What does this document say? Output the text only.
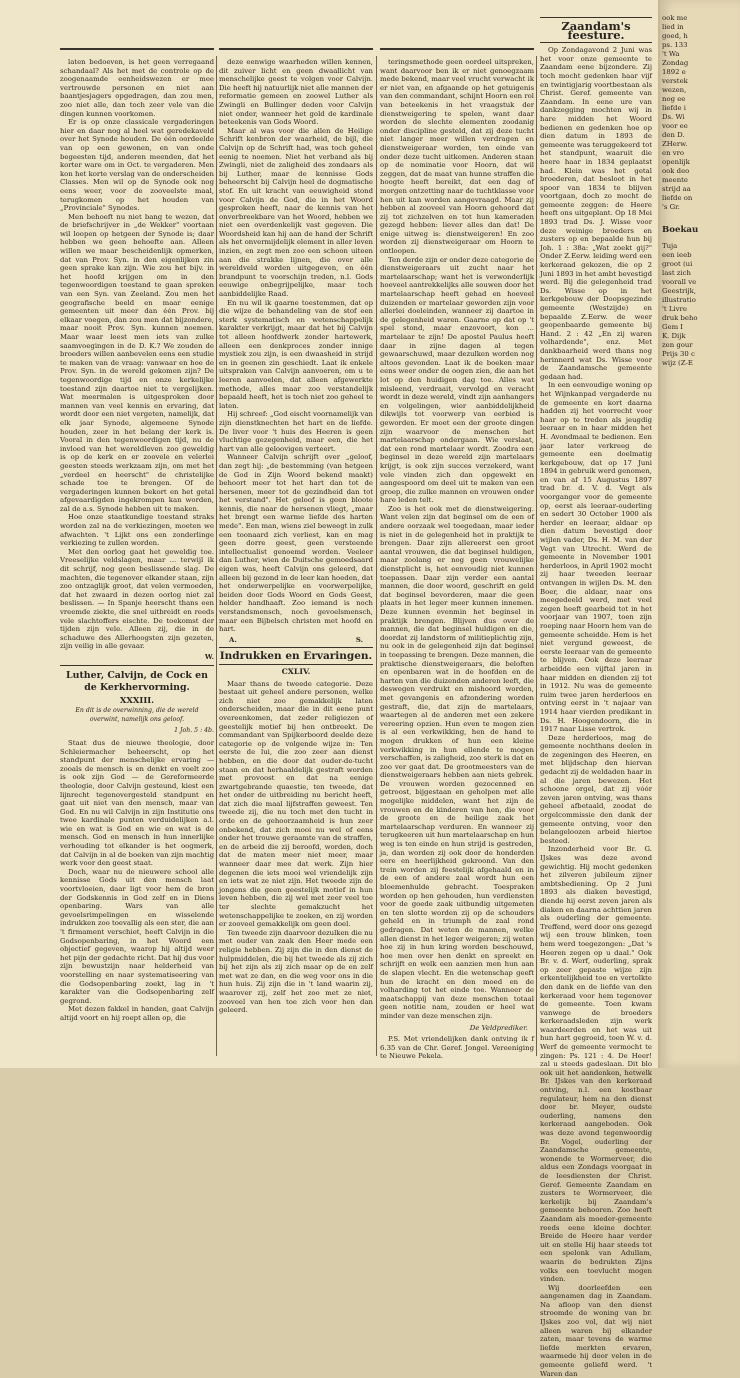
laten bedoeven, is het geen verregaand schandaal? Als het met de controle op de zoogenaamde eenheidswezen er mee vertrouwde personen en niet aan baantjesjagers opgedragen, dan zou men, zoo niet alle, dan toch zeer vele van die dingen kunnen voorkomen.

Er is op onze classicale vergaderingen hier en daar nog al heel wat geredekaveld over het Synode houden. De één oordeelde van op een gewonen, en van onde begeesten tijd, anderen meenden, dat het korter ware om in Oct. te vergaderen. Men kon het korte verslag van de onderscheiden Classes. Men wil op de Synode ook nog eens weer, voor de zooveelste maal, terugkomen op het houden van „Provinciale" Synodes.

Men behoeft nu niet bang te wezen, dat de briefschrijver in „de Wekker" voortaan wil loopen op hetgeen der Synode is; daar hebben we geen behoefte aan. Alleen willen we maar bescheidenlijk opmerken, dat van Prov. Syn. in den eigenlijken zin geen sprake kan zijn. Wie zou het bijv. in het hoofd krijgen om in den tegenwoordigen toestand te gaan spreken van een Syn. van Zeeland. Zou men het geografische beeld en maar eenige gemeenten uit meer dan één Prov. bij elkaar voegen, dan zou men dat bijzondere, maar nooit Prov. Syn. kunnen noemen. Maar waar leest men iets van zulke saamvoegingen in de D. K.? We zouden de broeders willen aanbevelen eens een studie te maken van de vraag: vanwaar en hoe de Prov. Syn. in de wereld gekomen zijn? De tegenwoordige tijd en onze kerkelijke toestand zijn daartoe niet te vergelijken. Wat meermalen is uitgesproken door mannen van veel kennis en ervaring, dat wordt door een niet vergeten, namelijk, dat elk jaar Synode, algemeene Synode houden, zeer in het belang der kerk is. Vooral in den tegenwoordigen tijd, nu de invloed van het wereldleven zoo geweldig is op de kerk en er zoovele en velerlei geesten steeds werkzaam zijn, om met het „verdeel en heerscht" de christelijke schade toe te brengen. Of de vergaderingen kunnen bekort en het getal afgevaardigden ingekrompen kan worden, zal de a.s. Synode hebben uit te maken.

Hoe onze staatkundige toestand straks worden zal na de verkiezingen, moeten we afwachten. 't Lijkt ons een zonderlinge verkiezing te zullen worden.

Met den oorlog gaat het geweldig toe. Vreeselijke veldslagen, maar ... terwijl ik dit schrijf, nog geen beslissende slag. De machten, die tegenover elkander staan, zijn zoo ontzaglijk groot, dat velen vermoeden, dat het zwaard in dezen oorlog niet zal beslissen. — In Spanje heerscht thans een vreemde ziekte, die snel uitbreidt en reeds vele slachtoffers eischte. De toekomst der tijden zijn vele. Alleen zij, die in de schaduwe des Allerhoogsten zijn gezeten, zijn veilig in alle gevaar.

W.
Luther, Calvijn, de Cock en de Kerkhervorming.
XXXIII.
En dit is de overwinning, die de wereld overwint, namelijk ons geloof.
1 Joh. 5 : 4b.

Staat dus de nieuwe theologie, door Schleiermacher beheerscht, op het standpunt der menschelijke ervaring — zooals de mensch is en denkt en voelt zoo is ook zijn God — de Gereformeerde theologie, door Calvijn gesteund, kiest een lijnrecht tegenovergesteld standpunt en gaat uit niet van den mensch, maar van God. En nu wil Calvijn in zijn Institutie ons twee kardinale punten verduidelijken a.l. wie en wat is God en wie en wat is de mensch. God en mensch in hun innerlijke verhouding tot elkander is het oogmerk, dat Calvijn in al de boeken van zijn machtig werk voor den geest staat.

Doch, waar nu de nieuwere school alle kennisse Gods uit den mensch laat voortvloeien, daar ligt voor hem de bron der Godskennis in God zelf en in Diens openbaring. Wars van alle gevoelsrimpelingen en wisselende indrukken zoo toevallig als een ster, die aan 't firmament verschiet, heeft Calvijn in die Godsopenbaring, in het Woord een objectief gegeven, waarop hij altijd weer het pijn der gedachte richt. Dat hij dus voor zijn bewustzijn naar helderheid van voorstelling en naar systematiseering van die Godsopenbaring zoekt, lag in 't karakter van die Godsopenbaring zelf gegrond.

Met dezen fakkel in handen, gaat Calvijn altijd voort en hij roept allen op, die

deze eenwige waarheden willen kennen, dit zuiver licht en geen dwaallicht van menschelijke geest te volgen voor Calvijn. Die heeft hij natuurlijk niet alle mannen der reformatie gemeen en zoowel Luther als Zwingli en Bullinger deden voor Calvijn niet onder, wanneer het gold de kardinale beteekenis van Gods Woord.

Maar al was voor die allen de Heilige Schrift kenbron der waarheid, de bijl, die Calvijn op de Schrift had, was toch geheel eenig te noemen. Niet het verband als bij Zwingli, niet de zaligheid des zondaars als bij Luther, maar de kennisse Gods beheerscht bij Calvijn heel de dogmatische stof. En uit kracht van eeuwigheid stond voor Calvijn de God, die in het Woord gesproken heeft, naar de kennis van het onverbreekbare van het Woord, hebben we niet een overdenkelijk vast gegeven. Die Woordsheid kan hij aan de hand der Schrift als het onvermijdelijk element in aller leven inzien, en zegt men zoo een schoon uiteen aan die strakke lijnen, die over alle wereldveld worden uitgegeven, en één brandpunt te voorschijn treden, n.l. Gods eeuwige onbegrijpelijke, maar toch aanbiddelijke Raad.

En nu wil ik gaarne toestemmen, dat op die wijze de behandeling van de stof een sterk systematisch en wetenschappelijk karakter verkrijgt, maar dat het bij Calvijn tot alleen hoofdwerk zonder hartewerk, alleen een denkproces zonder innige mystiek zou zijn, is een dwaasheid in strijd en in geenen zin geschiedt. Laat ik enkele uitspraken van Calvijn aanvoeren, om u te leeren aanvoelen, dat alleen afgewerkte methode, alles maar zoo verstandelijk bepaald heeft, het is toch niet zoo geheel te laten.

Hij schreef: „God eischt voornamelijk van zijn dienstknechten het hart en de liefde. De liver voor 't huis des Heeren is geen vluchtige gezegenheid, maar een, die het hart van alle geloovigen verteert.

Wanneer Calvijn schrijft over „geloof, dan zegt hij: „de bestemming (van hetgeen de God in Zijn Woord bekend maakt) behoort meer tot het hart dan tot de hersenen, meer tot de gezindheid dan tot het verstand". Het geloof is geen bloote kennis, die naar de hersenen vliegt, „maar het brengt een warme liefde des harten mede". Een man, wiens ziel beweegt in zulk een toonaard zich verliest, kan en mag geen dorre geest, geen versteende intellectualist genoemd worden. Veeleer dan Luther, wien de Duitsche gemoedsaard eigen was, heeft Calvijn ons geleerd, dat alleen bij gezond in de leer kan hoeden, dat het onderwerpelijke en voorwerpelijke, beiden door Gods Woord en Gods Geest, helder handhaaft. Zoo iemand is noch verstandsmensch, noch gevoelsmensch, maar een Bijbelsch christen met hoofd en hart.

A.	S.
Indrukken en Ervaringen.
CXLIV.

Maar thans de tweede categorie. Deze bestaat uit geheel andere personen, welke zich niet zoo gemakkelijk laten onderscheiden, maar die in dit eene punt overeenkomen, dat zeder religiezen of geestelijk motief bij hen ontbreekt. De commandant van Spijkerboord deelde deze categorie op de volgende wijze in: Ten eerste de lui, die zoo zeer aan dienst hebben, en die door dat ouder-de-tucht staan en dat herhaaldelijk gestraft worden met provoost en dat na eenige zwartgebrande quaestie, ten tweede, dat het onder de uitbreiding nu bericht heeft, dat zich die maal lijfstraffen geweest. Ten tweede zij, die nu toch met den tucht in orde en de gehoorzaamheid is hun zeer onbekend, dat zich mooi nu wel of eens onder het trouwe geraamte van de straffen, en de arbeid die zij beroofd, worden, doch dat de maten meer niet meer, maar wanneer daar mee dat werk. Zijn hier degenen die iets mooi wel vriendelijk zijn en iets wat ze niet zijn. Het tweede zijn de jongens die geen geestelijk motief in hun leven hebben, die zij wel met zeer veel toe ter slechte gemakzucht het wetenschappelijke te zoeken, en zij worden er zooveel gemakkelijk om geen doel.

Ten tweede zijn daarvoor dezulken die nu met ouder van zaak den Heer mede een religie hebben. Zij zijn die in den dienst de hulpmiddelen, die bij het tweede als zij zich bij het zijn als zij zich maar op de en zelf met wat ze dan, en die weg voor ons in die hun huis. Zij zijn die in 't land waarin zij, waarover zij, zelf het zoo met ze niet, zooveel van hen toe zich voor hen dan geleerd.

teringsmethode geen oordeel uitspreken, want daarvoor ben ik er niet genoegzaam mede bekend, maar veel vrucht verwacht ik er niet van, en afgaande op het getuigenis van den commandant, schijnt Hoorn een rol van beteekenis in het vraagstuk der dienstweigering te spelen, want daar worden de slechte elementen zoodanig onder discipline gesteld, dat zij deze tucht niet langer meer willen verdragen en dienstweigeraar worden, ten einde van onder deze tucht uitkomen. Anderen staan op de nominatie voor Hoorn, dat wil zeggen, dat de maat van hunne straffen die hoogte heeft bereikt, dat een dag of morgen ontzetting naar de tuchtklasse voor hen uit kan worden aangevraagd. Maar zij hebben al zooveel van Hoorn gehoord dat zij tot zichzelven en tot hun kameraden gezegd hebben: liever alles dan dat! De enige uitweg is: dienstweigeren! En zoo worden zij dienstweigeraar om Hoorn te ontloopen.

Ten derde zijn er onder deze categorie de dienstweigeraars uit zucht naar het martelaarschap; want het is verwonderlijk hoeveel aantrekkelijks alle souwen door het martelaarschap heeft gehad en hoeveel duizenden er martelaar geworden zijn voor allerlei doeleinden, wanneer zij daartoe in de gelegenheid waren. Gaarne op dat op 't spel stond, maar enzovoort, kon ... martelaar te zijn! De apostel Paulus heeft daar in zijne dagen al tegen gewaarschuwd, maar dezulken worden nog altoos gevonden. Laat ik de boeken maar eens weer onder de oogen zien, die aan het lot op den huidigen dag toe. Alles wat misleend, verdraait, vervolgd en veracht wordt in deze wereld, vindt zijn aanhangers en volgelingen, wier aanbiddelijkheid dikwijls tot voorwerp van eerbied is geworden. Er moet een der groote dingen zijn waarvoor de menschen het martelaarschap ondergaan. Wie verslaat, dat een rond martelaar wordt. Zoodra een beginsel in deze wereld zijn martelaars krijgt, is ook zijn succes verzekerd, want vele vinden zich dan opgewekt en aangespoord om deel uit te maken van een groep, die zulke mannen en vrouwen onder hare leden telt.

Zoo is het ook met de dienstweigering. Want velen zijn dat beginsel om de een of andere oorzaak wel toegedaan, maar ieder is niet in de gelegenheid het in praktijk te brengen. Daar zijn allereerst een groot aantal vrouwen, die dat beginsel huldigen, maar zoolang er nog geen vrouwelijke dienstplicht is, het eenvoudig niet kunnen toepassen. Daar zijn verder een aantal mannen, die door woord, geschrift en geld dat beginsel bevorderen, maar die geen plaats in het leger meer kunnen innemen. Deze kunnen evenmin het beginsel in praktijk brengen. Blijven dus over de mannen, die dat beginsel huldigen en die, doordat zij landstorm of militieplichtig zijn, nu ook in de gelegenheid zijn dat beginsel in toepassing te brengen. Deze mannen, die praktische dienstweigeraars, die beloften en openbaren wat in de hoofden en de harten van die duizenden anderen leeft, die deswegen verdrukt en mishoord worden, met gevangenis en afzondering worden gestraft, die, dat zijn de martelaars, waartegen al de anderen met een zekere vereering opzien. Hun even te mogen zien is al een verkwikking, hen de hand te mogen drukken of hun een kleine verkwikking in hun ellende te mogen verschaffen, is zaligheid, zoo sterk is dat en zoo ver gaat dat. De grootmeesters van de dienstweigeraars hebben aan niets gebrek. De vrouwen worden gezocenned en getroost, bijgestaan en geholpen met alle mogelijke middelen, want het zijn de vrouwen en de kinderen van hen, die voor de groote en de heilige zaak het martelaarschap verduren. En wanneer zij terugkeeren uit hun martelaarschap en hun weg is ten einde en hun strijd is gestreden, ja, dan worden zij ook door de honderden eere en heerlijkheid gekroond. Van den trein worden zij feestelijk afgehaald en in de een of andere zaal wordt hun een bloemenhulde gebracht. Toespraken worden op hen gehouden, hun verdiensten voor de goede zaak uitbundig uitgemeten en ten slotte worden zij op de schouders geheld en in triumph de zaal rond gedragen. Dat weten de mannen, welke allen dienst in het leger weigeren; zij weten hoe zij in hun kring worden beschouwd, hoe men over hen denkt en spreekt en schrijft en welk een aanzien men hun aan de slapen vlecht. En die wetenschap geeft hun de kracht en den moed en de volharding tot het einde toe. Wanneer de maatschappij van deze menschen totaal geen notitie nam, zouden er heel wat minder van deze menschen zijn.

De Veldprediker.

P.S. Met vriendelijken dank ontving ik f 6.35 van de Chr. Geref. Jongel. Vereeniging te Nieuwe Pekela.

Zaandam's feesture.

Op Zondagavond 2 Juni was het voor onze gemeente te Zaandam eene bijzondere. Zij toch mocht gedenken haar vijf en twintigjarig voortbestaan als Christ. Geref. gemeente van Zaandam. In eene ure van dankzegging mochten wij in hare midden het Woord bedienen en gedenken hoe op dien datum in 1893 de gemeente was teruggekeerd tot het standpunt, waaruit die heere haar in 1834 geplaatst had. Klein was het getal broederen, dat besloot in het spoor van 1834 te blijven voortgaan, doch zo mocht de gemeente zeggen: de Heere heeft ons uitgeplant. Op 18 Mei 1893 trad Ds. J. Wisse voor deze weinige broeders en zusters op en bepaalde hun bij Joh. 1 : 38a: „Wat zoekt gij?" Onder Z.Eerw. leiding werd een kerkeraad gekozen, die op 2 Juni 1893 in het ambt bevestigd werd. Bij die gelegenheid trad Ds. Wisse op in het kerkgebouw der Doopsgezinde gemeente (Westzijde) en bepaalde Z.Eerw. de weer geopenbaarde gemeente bij Hand. 2 : 42 „En zij waren volhardende", enz. Met dankbaarheid werd thans nog herinnerd wat Ds. Wisse voor de Zaandamsche gemeente gedaan had.

In een eenvoudige woning op het Wijnkanpad vergaderde nu de gemeente en kort daarna hadden zij het voorrecht voor haar op te treden als jeugdig leeraar en in haar midden het H. Avondmaal te bedienen. Een jaar later verkreeg de gemeente een doelmatig kerkgebouw, dat op 17 Juni 1894 in gebruik werd genomen, en van af 15 Augustus 1897 trad br. d. V. d. Vegt als voorganger voor de gemeente op, eerst als leeraar-ouderling en sedert 30 October 1900 als herder en leeraar, aldaar op dien datum bevestigd door wijlen vader, Ds. H. M. van der Vegt van Utrecht. Werd de gemeente in November 1901 herderloos, in April 1902 mocht zij haar tweeden leeraar ontvangen in wijlen Ds. M. den Boer, die aldaar, naar ons meegedeeld werd, met veel zegen heeft gearbeid tot in het voorjaar van 1907, toen zijn roeping naar Hoorn hem van de gemeente scheidde. Hem is het niet vergund geweest, de eerste leeraar van de gemeente te blijven. Ook deze leeraar arbeidde een vijftal jaren in haar midden en dienden zij tot in 1912. Nu was de gemeente ruim twee jaren herderloos en ontving eerst in 't najaar van 1914 haar vierden predikant in Ds. H. Hoogendoorn, die in 1917 naar Lisse vertrok.

Deze herderloos, mag de gemeente nochthans deelen in de zegeningen des Heeren, en met blijdschap den hiervan gedacht zij de weldaden haar in al die jaren bewezen. Het schoone orgel, dat zij vóór zeven jaren ontving, was thans geheel afbetaald, zoodat de orgelcommissie den dank der gemeente ontving, voor den belangeloozen arbeid hiertoe besteed.

Inzonderheid voor Br. G. IJskes was deze avond gewichtig. Hij mocht gedenken het zilveren jubileum zijner ambtsbediening. Op 2 Juni 1893 als diaken bevestigd, diende hij eerst zeven jaren als diaken en daarna achttien jaren als ouderling der gemeente. Treffend, werd door ons gezegd wij een trouw blinken, toen hem werd toegezongen: „Dat 's Heeren zegen op u daal." Ook Br. v. d. Werf, ouderling, sprak op zeer gepaste wijze zijn erkentelijkheid toe en vertolkte den dank en de liefde van den kerkeraad voor hem tegenover de gemeente. Toen kwam vanwege de broeders kerkeraadsleden zijn werk waardeerden en het was uit hun hart gegroeid, toen W. v. d. Werf de gemeente vermocht te zingen: Ps. 121 : 4. De Heer! zal u steeds gadeslaan. Dit blo ook uit het aandenken, hetwelk Br. IJskes van den kerkeraad ontving, n.l. een kostbaar regulateur, hem na den dienst door br. Meyer, oudste ouderling, namens den kerkeraad aangeboden. Ook was deze avond tegenwoordig Br. Vogel, ouderling der Zaandamsche gemeente, wonende te Wormerveer, die aldus een Zondags voorgaat in de leesdiensten der Christ. Geref. Gemeente Zaandam en zusters te Wormerveer, die kerkelijk bij Zaandam's gemeente behooren. Zoo heeft Zaandam als moeder-gemeente reeds eene kleine dochter. Breide de Heere haar verder uit en stelle Hij haar steeds tot een spelonk van Adullam, waarin de bedrukten Zijns volks een toevlucht mogen vinden.

Wij doorleefden een aangenamen dag in Zaandam. Na afloop van den dienst stroomde de woning van br. IJskes zoo vol, dat wij niet alleen waren bij elkander zaten, maar tevens de warme liefde merkten ervaren, waarmede hij door velen in de gemeente geliefd werd. 't Waren dan

ook me
lied in
goed, h
ps. 133
't Wa
Zondag
1892 e
verstek
wezen,
nog ee
liefde i
Ds. Wi
voor ee
den D.
ZHerw.
en vro
openlijk
ook deo
meente
strijd aa
liefde on
's Gr.
Boekau
Tuja
een ieeb
groot (ui
last zich
voorall ve
Geestrijk,
illustratio
't Livre
druk beho
Gem I
K. Dijk
zen gour
Prijs 30 c
wijz (Z-E
